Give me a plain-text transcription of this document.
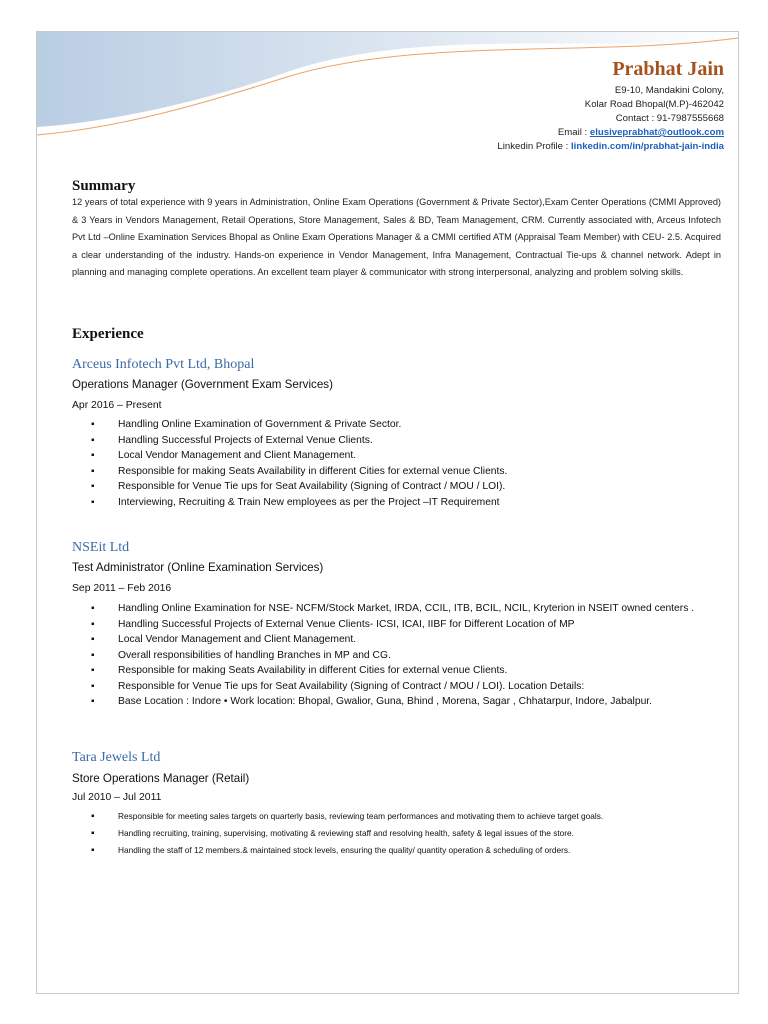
Prabhat Jain
E9-10, Mandakini Colony,
Kolar Road Bhopal(M.P)-462042
Contact : 91-7987555668
Email : elusiveprabhat@outlook.com
Linkedin Profile : linkedin.com/in/prabhat-jain-india
Summary
12 years of total experience with 9 years in Administration, Online Exam Operations (Government & Private Sector),Exam Center Operations (CMMI Approved) & 3 Years in Vendors Management, Retail Operations, Store Management, Sales & BD, Team Management, CRM. Currently associated with, Arceus Infotech Pvt Ltd –Online Examination Services Bhopal as Online Exam Operations Manager & a CMMI certified ATM (Appraisal Team Member) with CEU- 2.5. Acquired a clear understanding of the industry. Hands-on experience in Vendor Management, Infra Management, Contractual Tie-ups & channel network. Adept in planning and managing complete operations. An excellent team player & communicator with strong interpersonal, analyzing and problem solving skills.
Experience
Arceus Infotech Pvt Ltd, Bhopal
Operations Manager (Government Exam Services)
Apr 2016 – Present
▪ Handling Online Examination of Government & Private Sector.
▪ Handling Successful Projects of External Venue Clients.
▪ Local Vendor Management and Client Management.
▪ Responsible for making Seats Availability in different Cities for external venue Clients.
▪ Responsible for Venue Tie ups for Seat Availability (Signing of Contract / MOU / LOI).
▪ Interviewing, Recruiting & Train New employees as per the Project –IT Requirement
NSEit Ltd
Test Administrator (Online Examination Services)
Sep 2011 – Feb 2016
▪ Handling Online Examination for NSE- NCFM/Stock Market, IRDA, CCIL, ITB, BCIL, NCIL, Kryterion in NSEIT owned centers .
▪ Handling Successful Projects of External Venue Clients- ICSI, ICAI, IIBF for Different Location of MP
▪ Local Vendor Management and Client Management.
▪ Overall responsibilities of handling Branches in MP and CG.
▪ Responsible for making Seats Availability in different Cities for external venue Clients.
▪ Responsible for Venue Tie ups for Seat Availability (Signing of Contract / MOU / LOI). Location Details:
▪ Base Location : Indore • Work location: Bhopal, Gwalior, Guna, Bhind , Morena, Sagar , Chhatarpur, Indore, Jabalpur.
Tara Jewels Ltd
Store Operations Manager (Retail)
Jul 2010 – Jul 2011
▪ Responsible for meeting sales targets on quarterly basis, reviewing team performances and motivating them to achieve target goals.
▪ Handling recruiting, training, supervising, motivating & reviewing staff and resolving health, safety & legal issues of the store.
▪ Handling the staff of 12 members.& maintained stock levels, ensuring the quality/ quantity operation & scheduling of orders.
